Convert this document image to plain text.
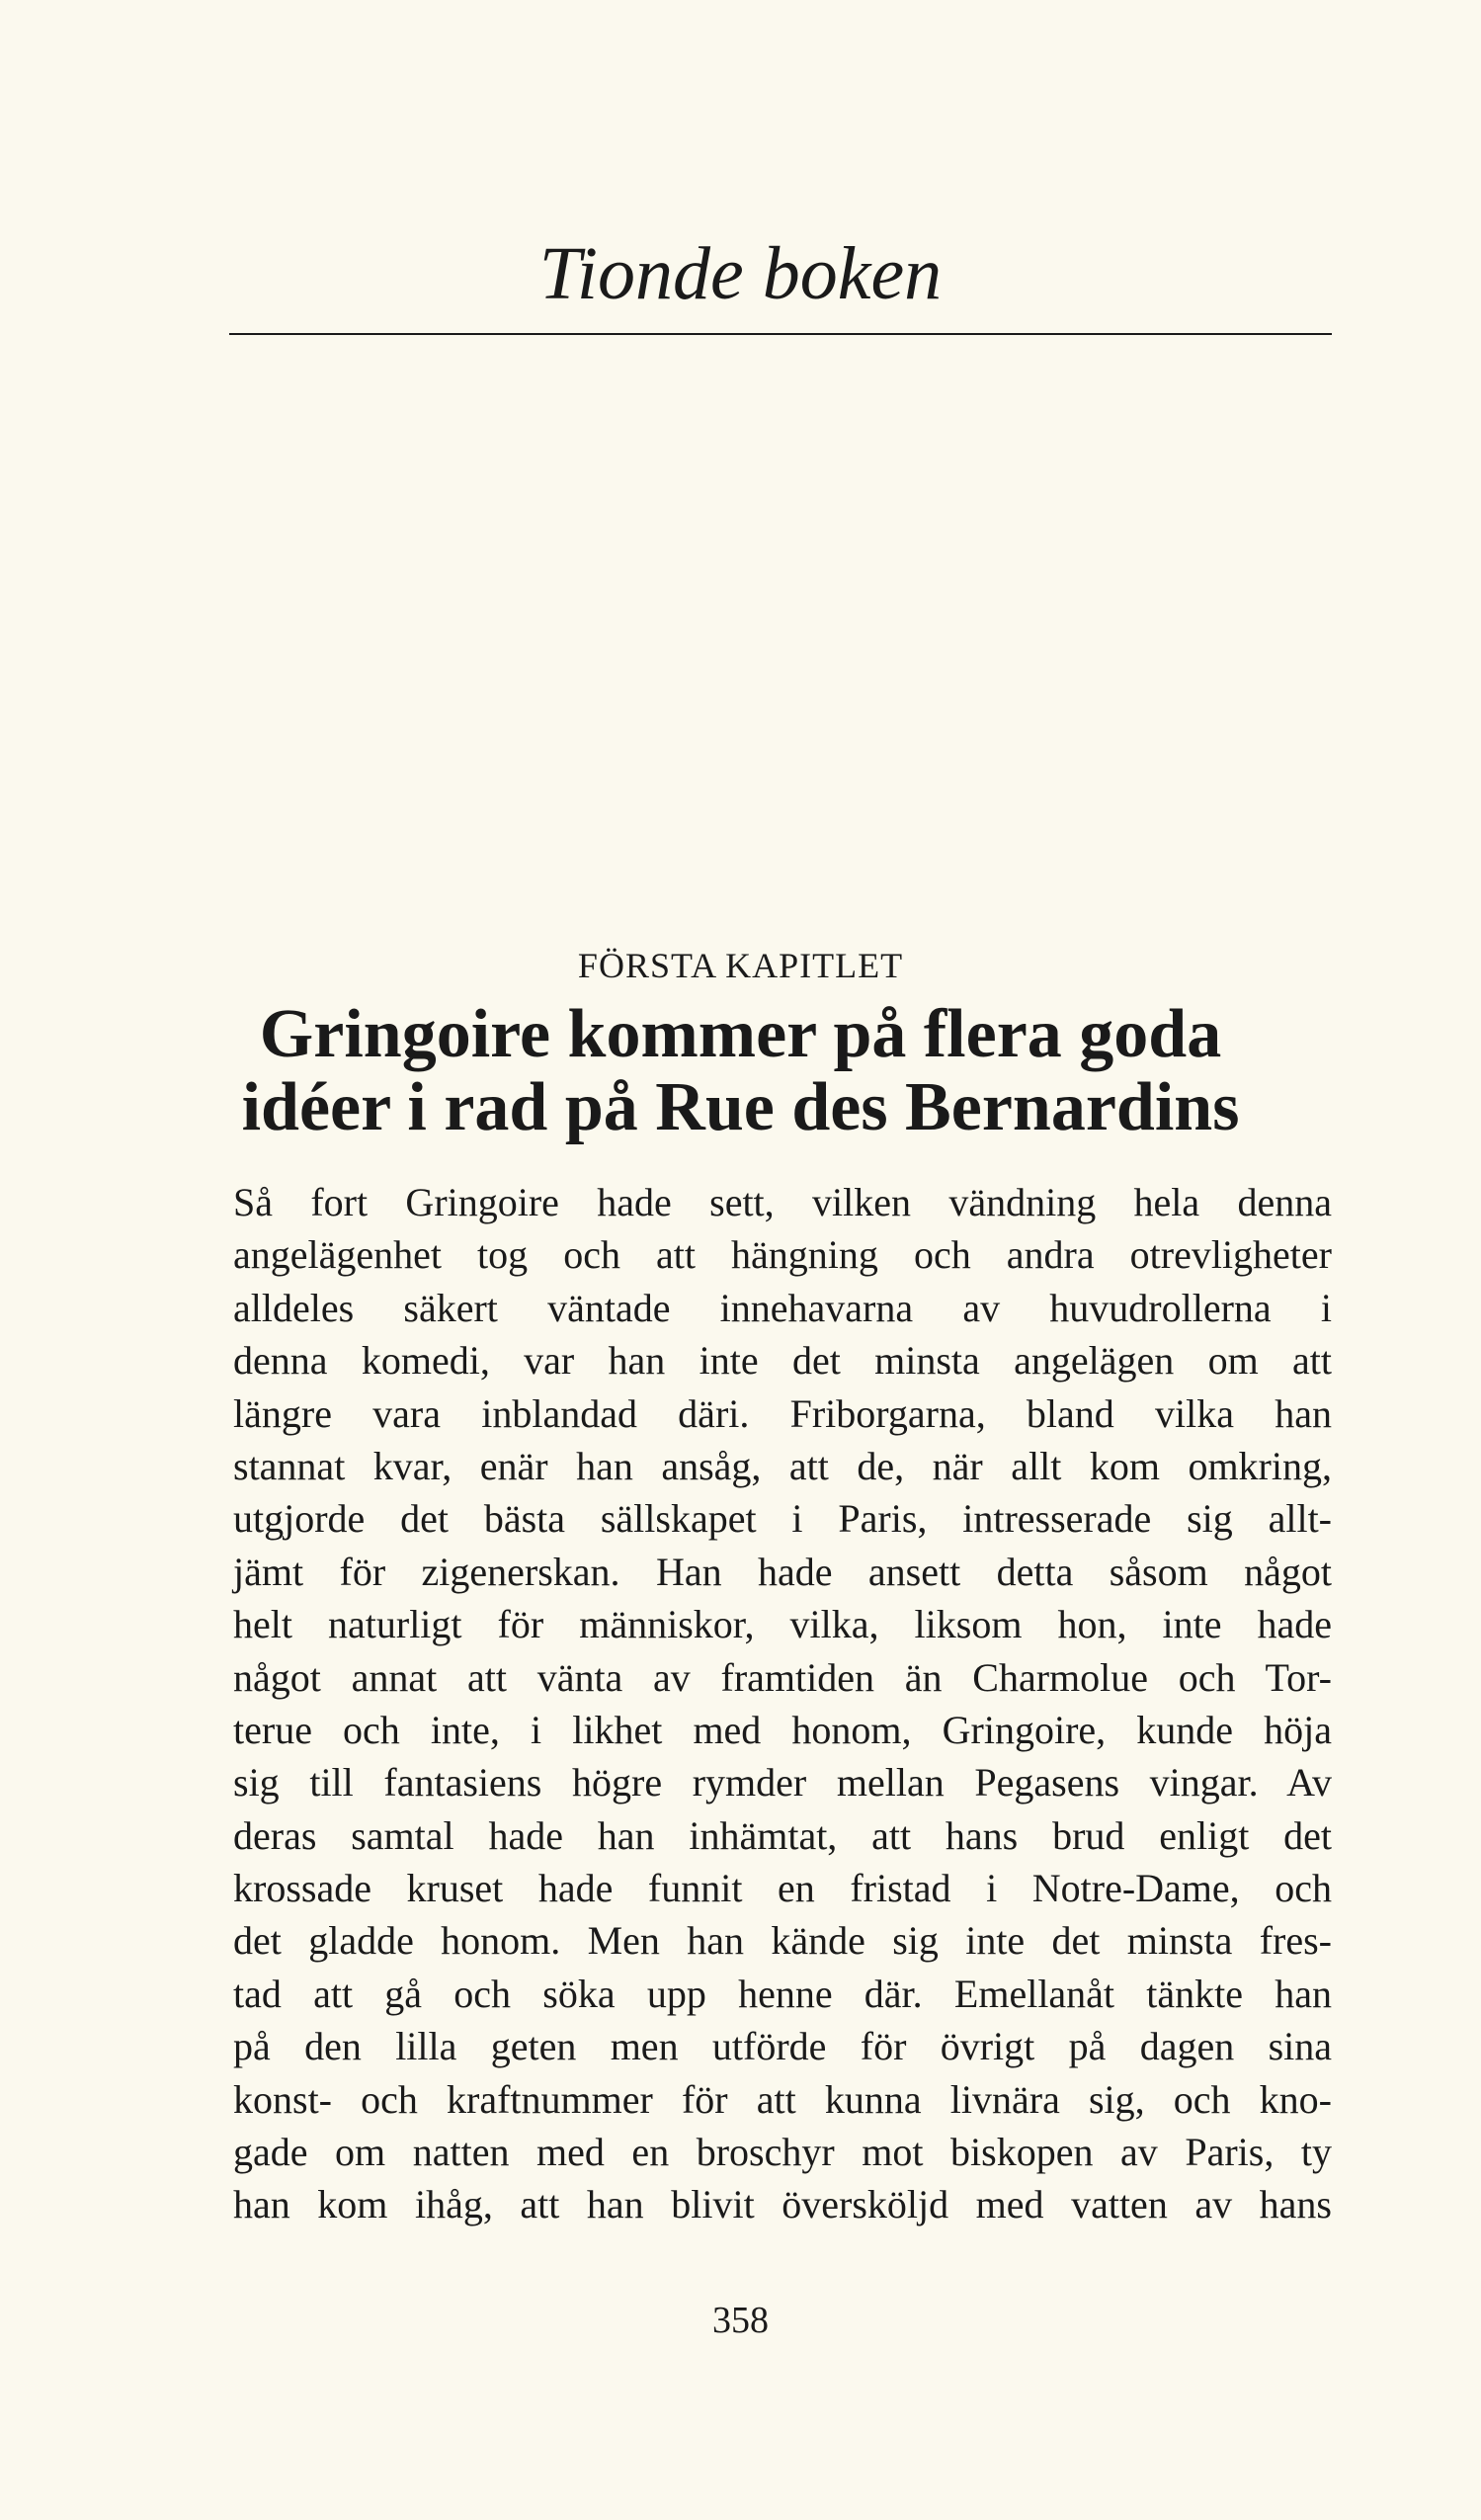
Tionde boken
FÖRSTA KAPITLET
Gringoire kommer på flera goda
idéer i rad på Rue des Bernardins
Så fort Gringoire hade sett, vilken vändning hela denna
angelägenhet tog och att hängning och andra otrevligheter
alldeles säkert väntade innehavarna av huvudrollerna i
denna komedi, var han inte det minsta angelägen om att
längre vara inblandad däri. Friborgarna, bland vilka han
stannat kvar, enär han ansåg, att de, när allt kom omkring,
utgjorde det bästa sällskapet i Paris, intresserade sig allt-
jämt för zigenerskan. Han hade ansett detta såsom något
helt naturligt för människor, vilka, liksom hon, inte hade
något annat att vänta av framtiden än Charmolue och Tor-
terue och inte, i likhet med honom, Gringoire, kunde höja
sig till fantasiens högre rymder mellan Pegasens vingar. Av
deras samtal hade han inhämtat, att hans brud enligt det
krossade kruset hade funnit en fristad i Notre-Dame, och
det gladde honom. Men han kände sig inte det minsta fres-
tad att gå och söka upp henne där. Emellanåt tänkte han
på den lilla geten men utförde för övrigt på dagen sina
konst- och kraftnummer för att kunna livnära sig, och kno-
gade om natten med en broschyr mot biskopen av Paris, ty
han kom ihåg, att han blivit översköljd med vatten av hans
358
